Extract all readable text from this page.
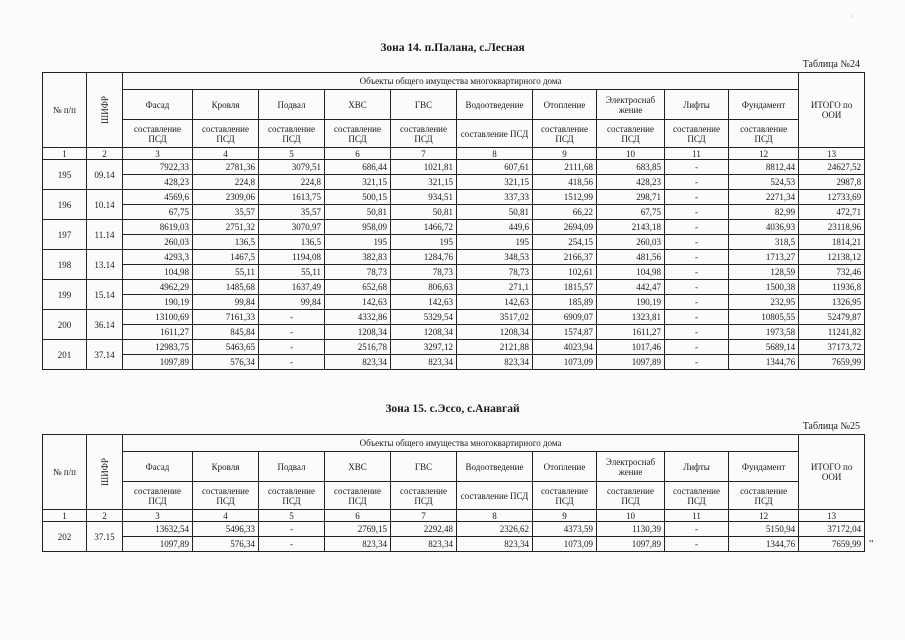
·
Зона 14. п.Палана, с.Лесная
Таблица №24
№ п/п	ШИФР	Объекты общего имущества многоквартирного дома										ИТОГО по ООИ
		Фасад	Кровля	Подвал	ХВС	ГВС	Водоотведение	Отопление	Электроснаб жение	Лифты	Фундамент	
		составление ПСД	составление ПСД	составление ПСД	составление ПСД	составление ПСД	составление ПСД	составление ПСД	составление ПСД	составление ПСД	составление ПСД	
1	2	3	4	5	6	7	8	9	10	11	12	13
195	09.14	7922,33	2781,36	3079,51	686,44	1021,81	607,61	2111,68	683,85	-	8812,44	24627,52
		428,23	224,8	224,8	321,15	321,15	321,15	418,56	428,23	-	524,53	2987,8
196	10.14	4569,6	2309,06	1613,75	500,15	934,51	337,33	1512,99	298,71	-	2271,34	12733,69
		67,75	35,57	35,57	50,81	50,81	50,81	66,22	67,75	-	82,99	472,71
197	11.14	8619,03	2751,32	3070,97	958,09	1466,72	449,6	2694,09	2143,18	-	4036,93	23118,96
		260,03	136,5	136,5	195	195	195	254,15	260,03	-	318,5	1814,21
198	13.14	4293,3	1467,5	1194,08	382,83	1284,76	348,53	2166,37	481,56	-	1713,27	12138,12
		104,98	55,11	55,11	78,73	78,73	78,73	102,61	104,98	-	128,59	732,46
199	15.14	4962,29	1485,68	1637,49	652,68	806,63	271,1	1815,57	442,47	-	1500,38	11936,8
		190,19	99,84	99,84	142,63	142,63	142,63	185,89	190,19	-	232,95	1326,95
200	36.14	13100,69	7161,33	-	4332,86	5329,54	3517,02	6909,07	1323,81	-	10805,55	52479,87
		1611,27	845,84	-	1208,34	1208,34	1208,34	1574,87	1611,27	-	1973,58	11241,82
201	37.14	12983,75	5463,65	-	2516,78	3297,12	2121,88	4023,94	1017,46	-	5689,14	37173,72
		1097,89	576,34	-	823,34	823,34	823,34	1073,09	1097,89	-	1344,76	7659,99
Зона 15. с.Эссо, с.Анавгай
Таблица №25
№ п/п	ШИФР	Объекты общего имущества многоквартирного дома										ИТОГО по ООИ
		Фасад	Кровля	Подвал	ХВС	ГВС	Водоотведение	Отопление	Электроснаб жение	Лифты	Фундамент	
		составление ПСД	составление ПСД	составление ПСД	составление ПСД	составление ПСД	составление ПСД	составление ПСД	составление ПСД	составление ПСД	составление ПСД	
1	2	3	4	5	6	7	8	9	10	11	12	13
202	37.15	13632,54	5496,33	-	2769,15	2292,48	2326,62	4373,59	1130,39	-	5150,94	37172,04
		1097,89	576,34	-	823,34	823,34	823,34	1073,09	1097,89	-	1344,76	7659,99 "
